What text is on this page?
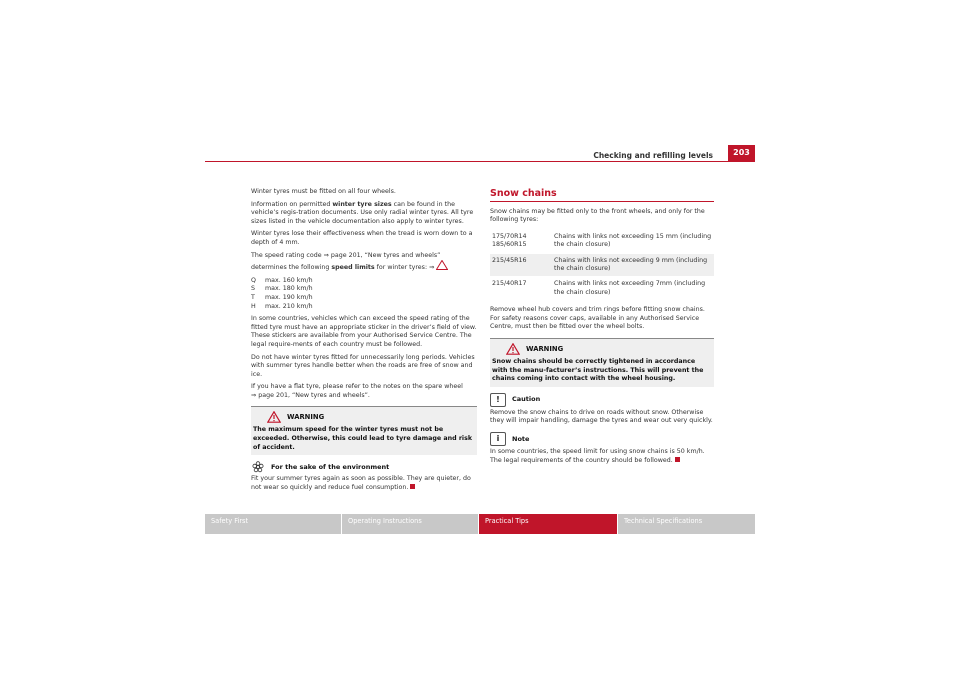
Checking and refilling levels	203

Winter tyres must be fitted on all four wheels.

Information on permitted winter tyre sizes can be found in the vehicle’s regis-tration documents. Use only radial winter tyres. All tyre sizes listed in the vehicle documentation also apply to winter tyres.

Winter tyres lose their effectiveness when the tread is worn down to a depth of 4 mm.

The speed rating code ⇒ page 201, “New tyres and wheels” determines the following speed limits for winter tyres: ⇒

Q	max. 160 km/h
S	max. 180 km/h
T	max. 190 km/h
H	max. 210 km/h

In some countries, vehicles which can exceed the speed rating of the fitted tyre must have an appropriate sticker in the driver’s field of view. These stickers are available from your Authorised Service Centre. The legal require-ments of each country must be followed.

Do not have winter tyres fitted for unnecessarily long periods. Vehicles with summer tyres handle better when the roads are free of snow and ice.

If you have a flat tyre, please refer to the notes on the spare wheel
⇒ page 201, “New tyres and wheels”.

WARNING
The maximum speed for the winter tyres must not be exceeded. Otherwise, this could lead to tyre damage and risk of accident.
For the sake of the environment

Fit your summer tyres again as soon as possible. They are quieter, do not wear so quickly and reduce fuel consumption.

Snow chains

Snow chains may be fitted only to the front wheels, and only for the following tyres:

175/70R14
185/60R15	Chains with links not exceeding 15 mm (including the chain closure)
215/45R16	Chains with links not exceeding 9 mm (including the chain closure)
215/40R17	Chains with links not exceeding 7mm (including the chain closure)

Remove wheel hub covers and trim rings before fitting snow chains. For safety reasons cover caps, available in any Authorised Service Centre, must then be fitted over the wheel bolts.

WARNING
Snow chains should be correctly tightened in accordance with the manu-facturer’s instructions. This will prevent the chains coming into contact with the wheel housing.
!	Caution

Remove the snow chains to drive on roads without snow. Otherwise they will impair handling, damage the tyres and wear out very quickly.

i	Note

In some countries, the speed limit for using snow chains is 50 km/h. The legal requirements of the country should be followed.

Safety First	Operating Instructions	Practical Tips	Technical Specifications
